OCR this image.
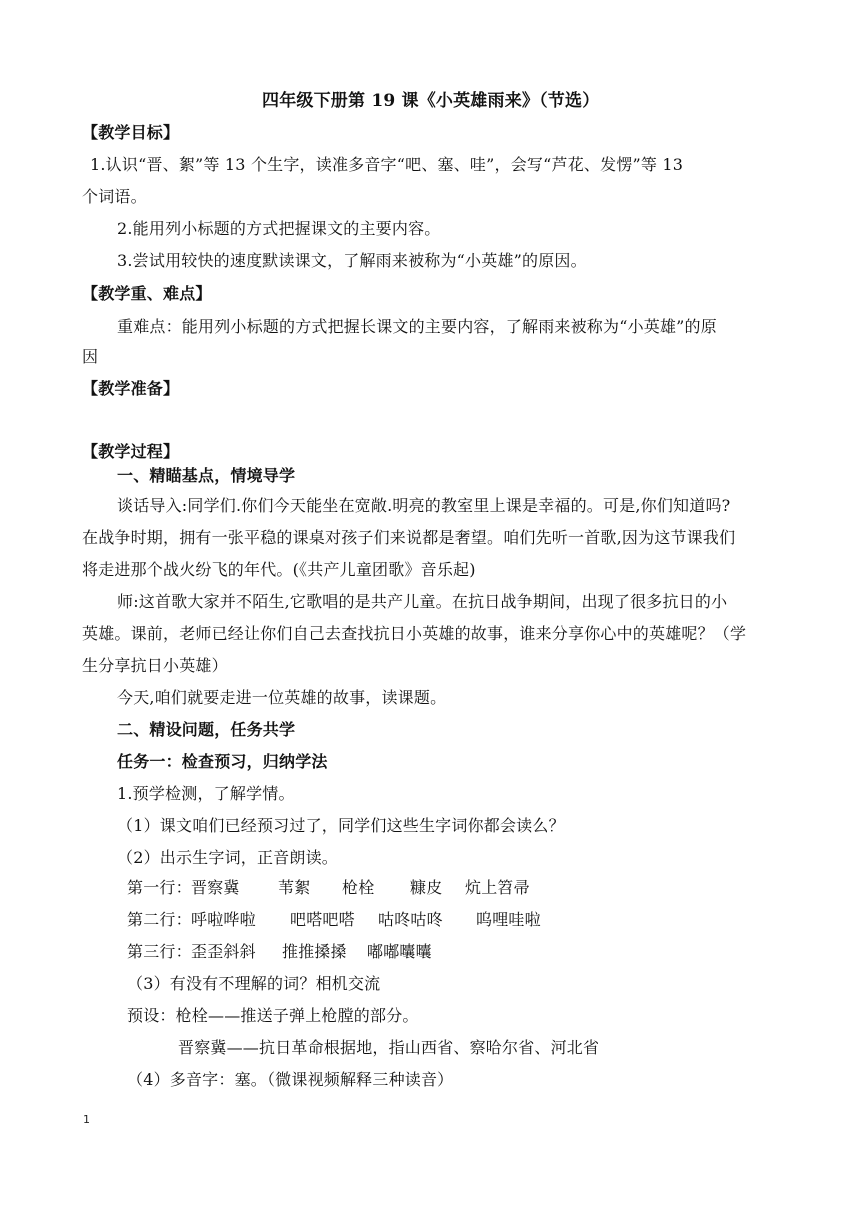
四年级下册第 19 课《小英雄雨来》（节选）
【教学目标】
1.认识“晋、絮”等 13 个生字，读准多音字“吧、塞、哇”，会写“芦花、发愣”等 13
个词语。
2.能用列小标题的方式把握课文的主要内容。
3.尝试用较快的速度默读课文，了解雨来被称为“小英雄”的原因。
【教学重、难点】
重难点：能用列小标题的方式把握长课文的主要内容，了解雨来被称为“小英雄”的原
因
【教学准备】
【教学过程】
一、精瞄基点，情境导学
谈话导入:同学们.你们今天能坐在宽敞.明亮的教室里上课是幸福的。可是,你们知道吗?
在战争时期，拥有一张平稳的课桌对孩子们来说都是奢望。咱们先听一首歌,因为这节课我们
将走进那个战火纷飞的年代。(《共产儿童团歌》音乐起)
师:这首歌大家并不陌生,它歌唱的是共产儿童。在抗日战争期间，出现了很多抗日的小
英雄。课前，老师已经让你们自己去查找抗日小英雄的故事，谁来分享你心中的英雄呢？（学
生分享抗日小英雄）
今天,咱们就要走进一位英雄的故事，读课题。
二、精设问题，任务共学
任务一：检查预习，归纳学法
1.预学检测，了解学情。
（1）课文咱们已经预习过了，同学们这些生字词你都会读么？
（2）出示生字词，正音朗读。
第一行： 晋察冀 苇絮 枪栓 糠皮 炕上笤帚
第二行： 呼啦哗啦 吧嗒吧嗒 咕咚咕咚 呜哩哇啦
第三行： 歪歪斜斜 推推搡搡 嘟嘟囔囔
（3）有没有不理解的词？相机交流
预设：枪栓——推送子弹上枪膛的部分。
晋察冀——抗日革命根据地，指山西省、察哈尔省、河北省
（4）多音字：塞。（微课视频解释三种读音）
1
